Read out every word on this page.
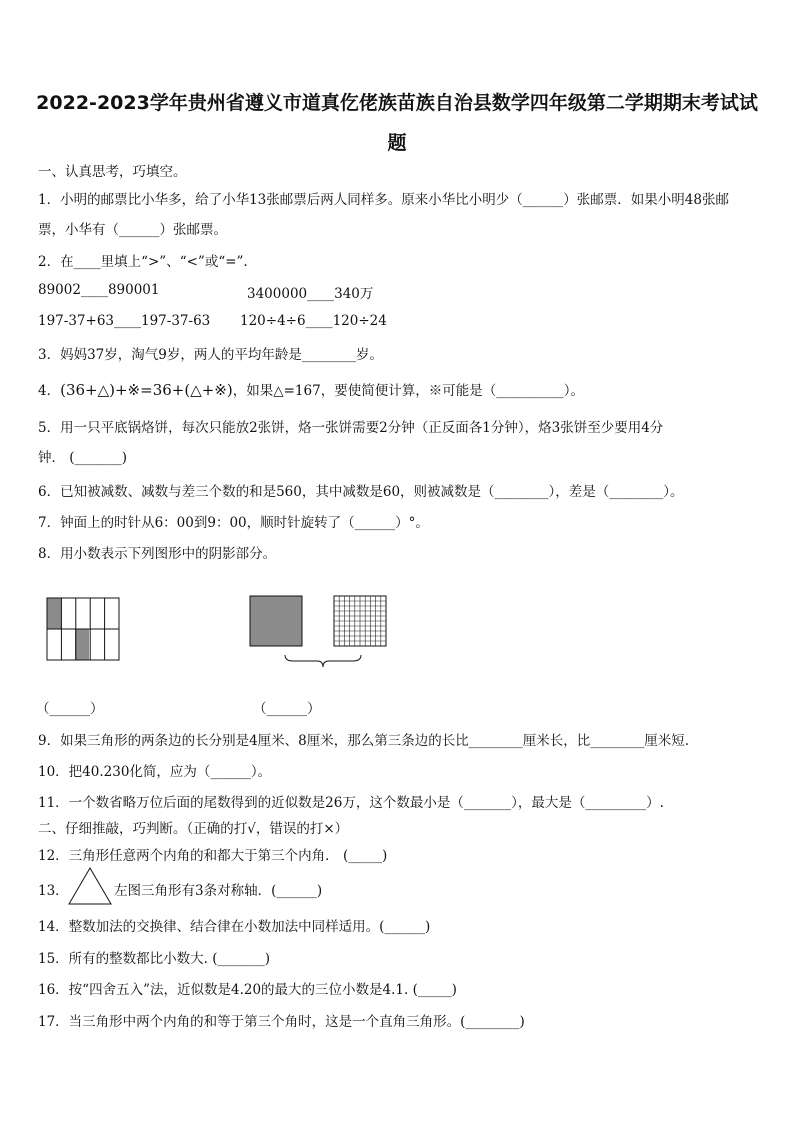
2022-2023学年贵州省遵义市道真仡佬族苗族自治县数学四年级第二学期期末考试试
题
一、认真思考，巧填空。
1．小明的邮票比小华多，给了小华13张邮票后两人同样多。原来小华比小明少（______）张邮票．如果小明48张邮
票，小华有（______）张邮票。
2．在____里填上“>”、“<”或“=”.
89002____890001	3400000____340万
197-37+63____197-37-63 120÷4÷6____120÷24
3．妈妈37岁，淘气9岁，两人的平均年龄是________岁。
4．(36+△)+※=36+(△+※)，如果△=167，要使简便计算，※可能是（__________）。
5．用一只平底锅烙饼，每次只能放2张饼，烙一张饼需要2分钟（正反面各1分钟），烙3张饼至少要用4分
钟． (_______)
6．已知被减数、减数与差三个数的和是560，其中减数是60，则被减数是（________），差是（________）。
7．钟面上的时针从6：00到9：00，顺时针旋转了（______）°。
8．用小数表示下列图形中的阴影部分。
（______）	（______）
9．如果三角形的两条边的长分别是4厘米、8厘米，那么第三条边的长比________厘米长，比________厘米短.
10．把40.230化简，应为（______）。
11．一个数省略万位后面的尾数得到的近似数是26万，这个数最小是（_______），最大是（_________）.
二、仔细推敲，巧判断。（正确的打√，错误的打×）
12．三角形任意两个内角的和都大于第三个内角． (_____)
13．	左图三角形有3条对称轴．(______)
14．整数加法的交换律、结合律在小数加法中同样适用。(______)
15．所有的整数都比小数大. (_______)
16．按“四舍五入”法，近似数是4.20的最大的三位小数是4.1. (_____)
17．当三角形中两个内角的和等于第三个角时，这是一个直角三角形。(________)
